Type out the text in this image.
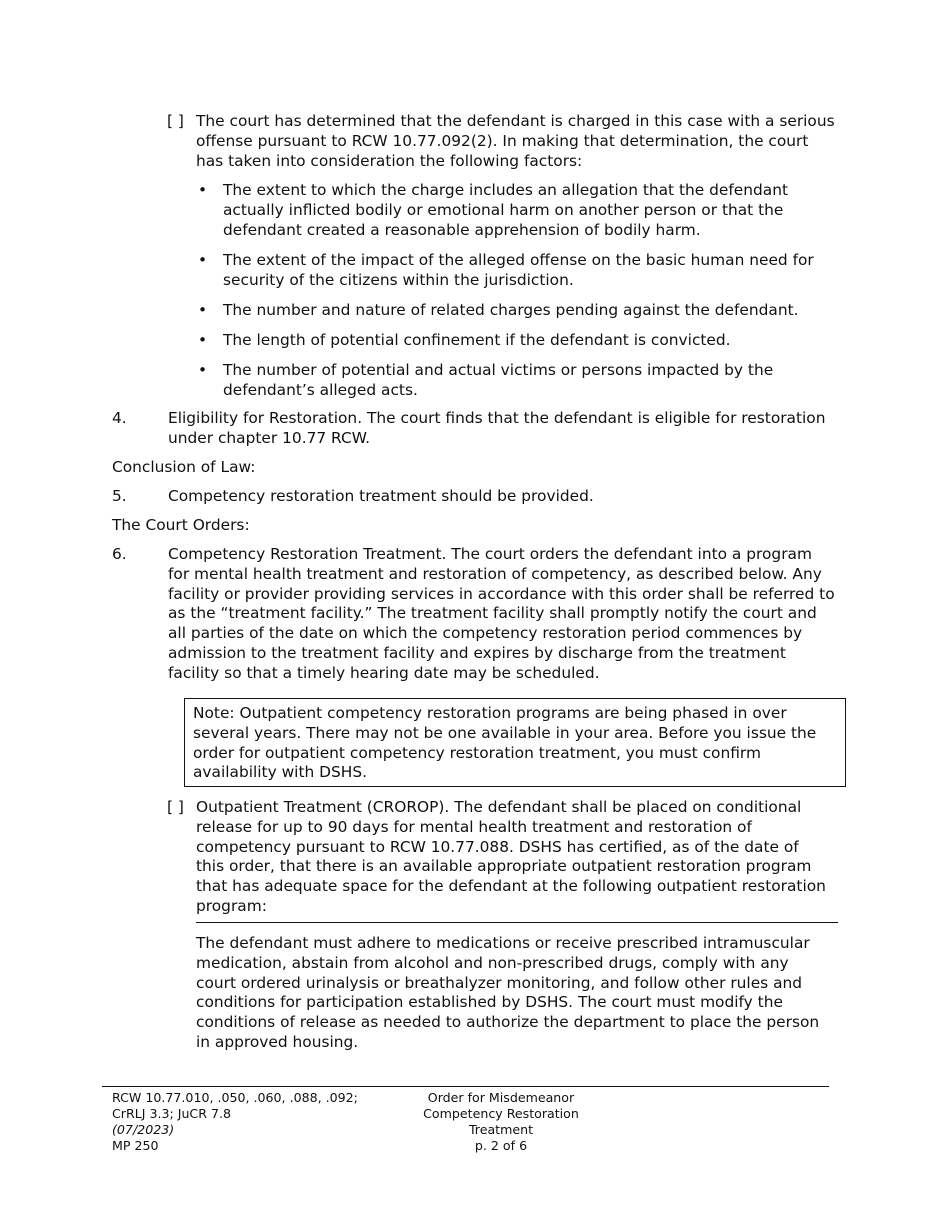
[ ] The court has determined that the defendant is charged in this case with a serious offense pursuant to RCW 10.77.092(2). In making that determination, the court has taken into consideration the following factors:
• The extent to which the charge includes an allegation that the defendant actually inflicted bodily or emotional harm on another person or that the defendant created a reasonable apprehension of bodily harm.
• The extent of the impact of the alleged offense on the basic human need for security of the citizens within the jurisdiction.
• The number and nature of related charges pending against the defendant.
• The length of potential confinement if the defendant is convicted.
• The number of potential and actual victims or persons impacted by the defendant’s alleged acts.
4.	Eligibility for Restoration. The court finds that the defendant is eligible for restoration under chapter 10.77 RCW.
Conclusion of Law:
5.	Competency restoration treatment should be provided.
The Court Orders:
6.	Competency Restoration Treatment. The court orders the defendant into a program for mental health treatment and restoration of competency, as described below. Any facility or provider providing services in accordance with this order shall be referred to as the “treatment facility.” The treatment facility shall promptly notify the court and all parties of the date on which the competency restoration period commences by admission to the treatment facility and expires by discharge from the treatment facility so that a timely hearing date may be scheduled.
Note: Outpatient competency restoration programs are being phased in over several years. There may not be one available in your area. Before you issue the order for outpatient competency restoration treatment, you must confirm availability with DSHS.
[ ] Outpatient Treatment (CROROP). The defendant shall be placed on conditional release for up to 90 days for mental health treatment and restoration of competency pursuant to RCW 10.77.088. DSHS has certified, as of the date of this order, that there is an available appropriate outpatient restoration program that has adequate space for the defendant at the following outpatient restoration program:
The defendant must adhere to medications or receive prescribed intramuscular medication, abstain from alcohol and non-prescribed drugs, comply with any court ordered urinalysis or breathalyzer monitoring, and follow other rules and conditions for participation established by DSHS. The court must modify the conditions of release as needed to authorize the department to place the person in approved housing.
RCW 10.77.010, .050, .060, .088, .092;
CrRLJ 3.3; JuCR 7.8
(07/2023)
MP 250
Order for Misdemeanor
Competency Restoration
Treatment
p. 2 of 6
